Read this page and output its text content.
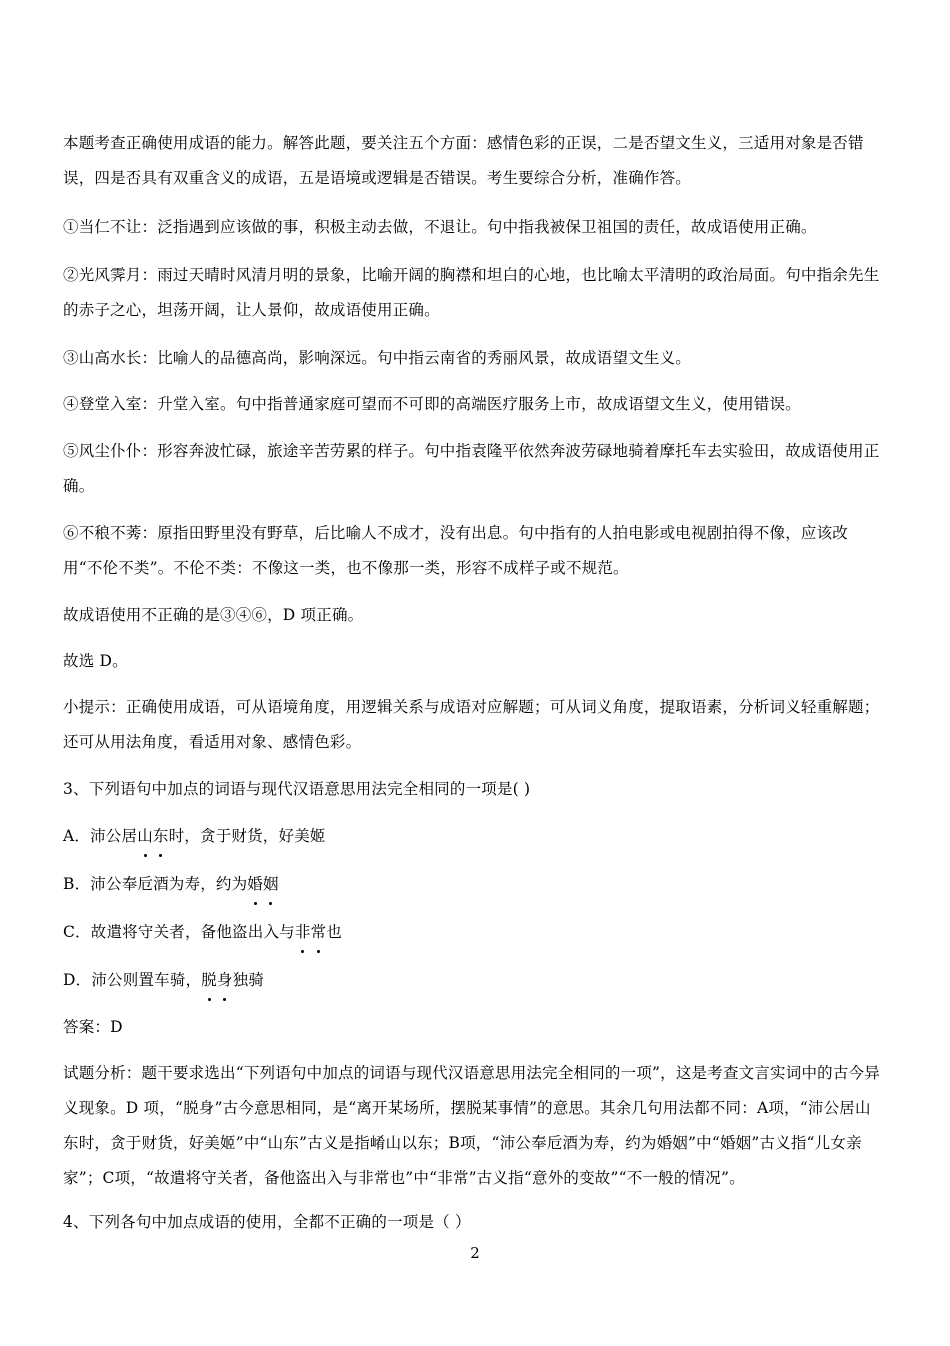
本题考查正确使用成语的能力。解答此题，要关注五个方面：感情色彩的正误，二是否望文生义，三适用对象是否错误，四是否具有双重含义的成语，五是语境或逻辑是否错误。考生要综合分析，准确作答。
①当仁不让：泛指遇到应该做的事，积极主动去做，不退让。句中指我被保卫祖国的责任，故成语使用正确。
②光风霁月：雨过天晴时风清月明的景象，比喻开阔的胸襟和坦白的心地，也比喻太平清明的政治局面。句中指余先生的赤子之心，坦荡开阔，让人景仰，故成语使用正确。
③山高水长：比喻人的品德高尚，影响深远。句中指云南省的秀丽风景，故成语望文生义。
④登堂入室：升堂入室。句中指普通家庭可望而不可即的高端医疗服务上市，故成语望文生义，使用错误。
⑤风尘仆仆：形容奔波忙碌，旅途辛苦劳累的样子。句中指袁隆平依然奔波劳碌地骑着摩托车去实验田，故成语使用正确。
⑥不稂不莠：原指田野里没有野草，后比喻人不成才，没有出息。句中指有的人拍电影或电视剧拍得不像，应该改用“不伦不类”。不伦不类：不像这一类，也不像那一类，形容不成样子或不规范。
故成语使用不正确的是③④⑥，D 项正确。
故选 D。
小提示：正确使用成语，可从语境角度，用逻辑关系与成语对应解题；可从词义角度，提取语素，分析词义轻重解题；还可从用法角度，看适用对象、感情色彩。
3、下列语句中加点的词语与现代汉语意思用法完全相同的一项是( )
A．沛公居山东时，贪于财货，好美姬
B．沛公奉卮酒为寿，约为婚姻
C．故遣将守关者，备他盗出入与非常也
D．沛公则置车骑，脱身独骑
答案：D
试题分析：题干要求选出“下列语句中加点的词语与现代汉语意思用法完全相同的一项”，这是考查文言实词中的古今异义现象。D 项，“脱身”古今意思相同，是“离开某场所，摆脱某事情”的意思。其余几句用法都不同：A项，“沛公居山东时，贪于财货，好美姬”中“山东”古义是指崤山以东；B项，“沛公奉卮酒为寿，约为婚姻”中“婚姻”古义指“儿女亲家”；C项，“故遣将守关者，备他盗出入与非常也”中“非常”古义指“意外的变故”“不一般的情况”。
4、下列各句中加点成语的使用，全都不正确的一项是（ ）
2
